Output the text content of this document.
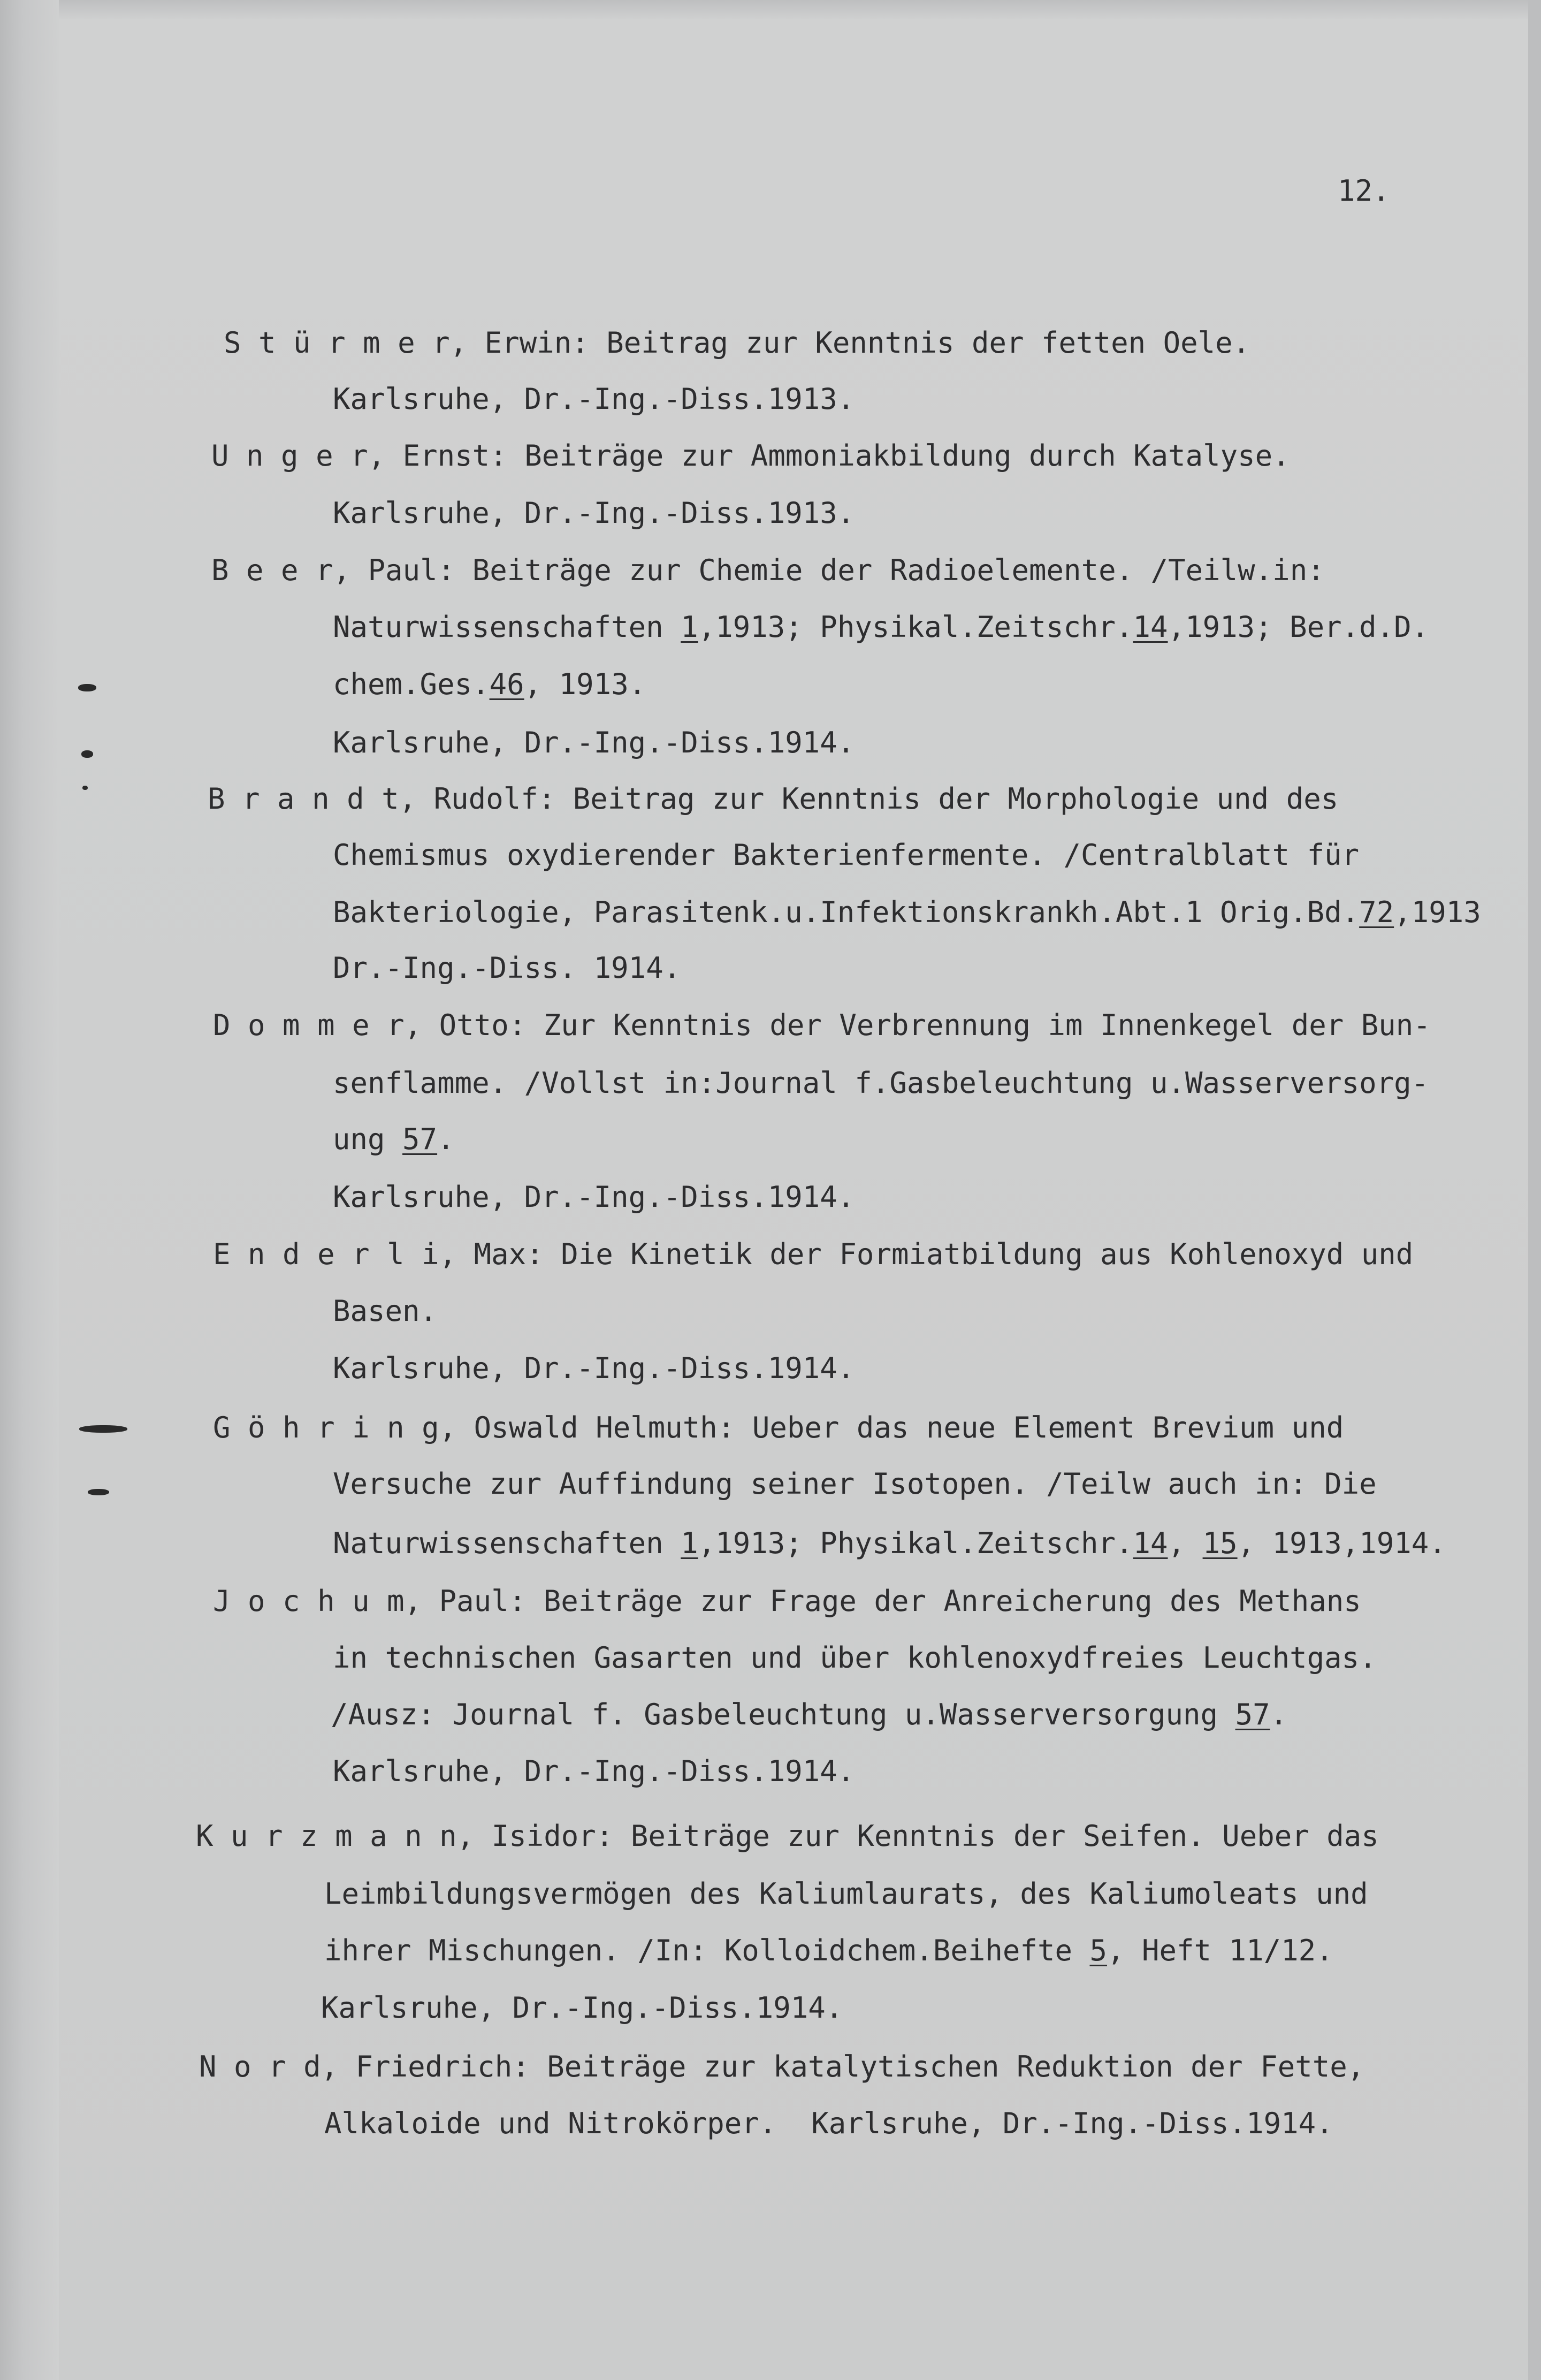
12.
S t ü r m e r, Erwin: Beitrag zur Kenntnis der fetten Oele.
Karlsruhe, Dr.-Ing.-Diss.1913.
U n g e r, Ernst: Beiträge zur Ammoniakbildung durch Katalyse.
Karlsruhe, Dr.-Ing.-Diss.1913.
B e e r, Paul: Beiträge zur Chemie der Radioelemente. /Teilw.in:
Naturwissenschaften 1,1913; Physikal.Zeitschr.14,1913; Ber.d.D.
chem.Ges.46, 1913.
Karlsruhe, Dr.-Ing.-Diss.1914.
B r a n d t, Rudolf: Beitrag zur Kenntnis der Morphologie und des
Chemismus oxydierender Bakterienfermente. /Centralblatt für
Bakteriologie, Parasitenk.u.Infektionskrankh.Abt.1 Orig.Bd.72,1913
Dr.-Ing.-Diss. 1914.
D o m m e r, Otto: Zur Kenntnis der Verbrennung im Innenkegel der Bun-
senflamme. /Vollst in:Journal f.Gasbeleuchtung u.Wasserversorg-
ung 57.
Karlsruhe, Dr.-Ing.-Diss.1914.
E n d e r l i, Max: Die Kinetik der Formiatbildung aus Kohlenoxyd und
Basen.
Karlsruhe, Dr.-Ing.-Diss.1914.
G ö h r i n g, Oswald Helmuth: Ueber das neue Element Brevium und
Versuche zur Auffindung seiner Isotopen. /Teilw auch in: Die
Naturwissenschaften 1,1913; Physikal.Zeitschr.14, 15, 1913,1914.
J o c h u m, Paul: Beiträge zur Frage der Anreicherung des Methans
in technischen Gasarten und über kohlenoxydfreies Leuchtgas.
/Ausz: Journal f. Gasbeleuchtung u.Wasserversorgung 57.
Karlsruhe, Dr.-Ing.-Diss.1914.
K u r z m a n n, Isidor: Beiträge zur Kenntnis der Seifen. Ueber das
Leimbildungsvermögen des Kaliumlaurats, des Kaliumoleats und
ihrer Mischungen. /In: Kolloidchem.Beihefte 5, Heft 11/12.
Karlsruhe, Dr.-Ing.-Diss.1914.
N o r d, Friedrich: Beiträge zur katalytischen Reduktion der Fette,
Alkaloide und Nitrokörper.  Karlsruhe, Dr.-Ing.-Diss.1914.
